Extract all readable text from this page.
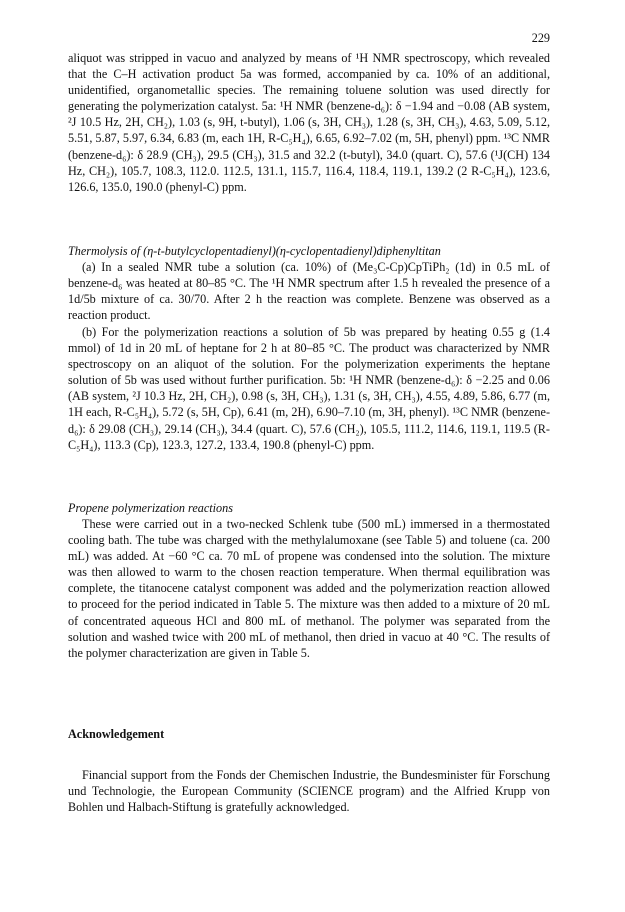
229

aliquot was stripped in vacuo and analyzed by means of ¹H NMR spectroscopy, which revealed that the C–H activation product 5a was formed, accompanied by ca. 10% of an additional, unidentified, organometallic species. The remaining toluene solution was used directly for generating the polymerization catalyst. 5a: ¹H NMR (benzene-d₆): δ −1.94 and −0.08 (AB system, ²J 10.5 Hz, 2H, CH₂), 1.03 (s, 9H, t-butyl), 1.06 (s, 3H, CH₃), 1.28 (s, 3H, CH₃), 4.63, 5.09, 5.12, 5.51, 5.87, 5.97, 6.34, 6.83 (m, each 1H, R-C₅H₄), 6.65, 6.92–7.02 (m, 5H, phenyl) ppm. ¹³C NMR (benzene-d₆): δ 28.9 (CH₃), 29.5 (CH₃), 31.5 and 32.2 (t-butyl), 34.0 (quart. C), 57.6 (¹J(CH) 134 Hz, CH₂), 105.7, 108.3, 112.0. 112.5, 131.1, 115.7, 116.4, 118.4, 119.1, 139.2 (2 R-C₅H₄), 123.6, 126.6, 135.0, 190.0 (phenyl-C) ppm.

Thermolysis of (η-t-butylcyclopentadienyl)(η-cyclopentadienyl)diphenyltitan

(a) In a sealed NMR tube a solution (ca. 10%) of (Me₃C-Cp)CpTiPh₂ (1d) in 0.5 mL of benzene-d₆ was heated at 80–85 °C. The ¹H NMR spectrum after 1.5 h revealed the presence of a 1d/5b mixture of ca. 30/70. After 2 h the reaction was complete. Benzene was observed as a reaction product.

(b) For the polymerization reactions a solution of 5b was prepared by heating 0.55 g (1.4 mmol) of 1d in 20 mL of heptane for 2 h at 80–85 °C. The product was characterized by NMR spectroscopy on an aliquot of the solution. For the polymerization experiments the heptane solution of 5b was used without further purification. 5b: ¹H NMR (benzene-d₆): δ −2.25 and 0.06 (AB system, ²J 10.3 Hz, 2H, CH₂), 0.98 (s, 3H, CH₃), 1.31 (s, 3H, CH₃), 4.55, 4.89, 5.86, 6.77 (m, 1H each, R-C₅H₄), 5.72 (s, 5H, Cp), 6.41 (m, 2H), 6.90–7.10 (m, 3H, phenyl). ¹³C NMR (benzene-d₆): δ 29.08 (CH₃), 29.14 (CH₃), 34.4 (quart. C), 57.6 (CH₂), 105.5, 111.2, 114.6, 119.1, 119.5 (R-C₅H₄), 113.3 (Cp), 123.3, 127.2, 133.4, 190.8 (phenyl-C) ppm.

Propene polymerization reactions

These were carried out in a two-necked Schlenk tube (500 mL) immersed in a thermostated cooling bath. The tube was charged with the methylalumoxane (see Table 5) and toluene (ca. 200 mL) was added. At −60 °C ca. 70 mL of propene was condensed into the solution. The mixture was then allowed to warm to the chosen reaction temperature. When thermal equilibration was complete, the titanocene catalyst component was added and the polymerization reaction allowed to proceed for the period indicated in Table 5. The mixture was then added to a mixture of 20 mL of concentrated aqueous HCl and 800 mL of methanol. The polymer was separated from the solution and washed twice with 200 mL of methanol, then dried in vacuo at 40 °C. The results of the polymer characterization are given in Table 5.

Acknowledgement

Financial support from the Fonds der Chemischen Industrie, the Bundesminister für Forschung und Technologie, the European Community (SCIENCE program) and the Alfried Krupp von Bohlen und Halbach-Stiftung is gratefully acknowledged.
